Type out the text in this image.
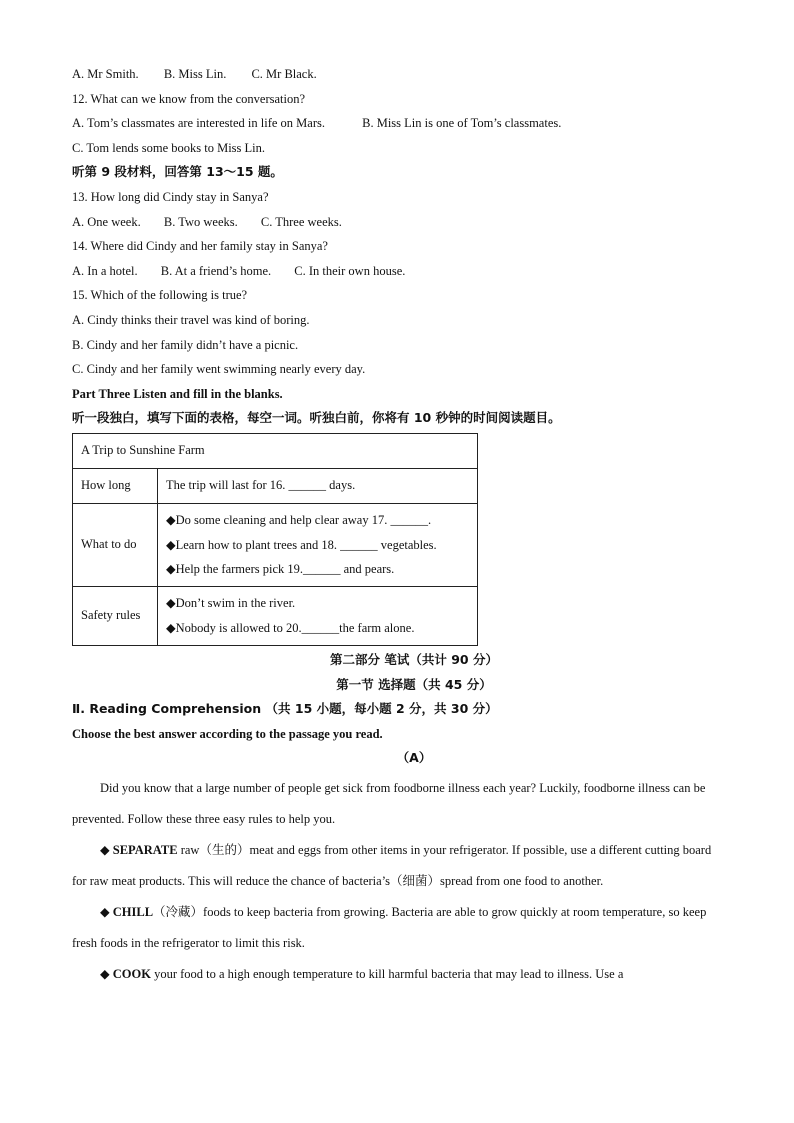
A. Mr Smith. B. Miss Lin. C. Mr Black.
12. What can we know from the conversation?
A. Tom’s classmates are interested in life on Mars.	B. Miss Lin is one of Tom’s classmates.
C. Tom lends some books to Miss Lin.
听第 9 段材料，回答第 13～15 题。
13. How long did Cindy stay in Sanya?
A. One week. B. Two weeks. C. Three weeks.
14. Where did Cindy and her family stay in Sanya?
A. In a hotel. B. At a friend’s home. C. In their own house.
15. Which of the following is true?
A. Cindy thinks their travel was kind of boring.
B. Cindy and her family didn’t have a picnic.
C. Cindy and her family went swimming nearly every day.
Part Three Listen and fill in the blanks.
听一段独白，填写下面的表格，每空一词。听独白前，你将有 10 秒钟的时间阅读题目。
A Trip to Sunshine Farm	
How long	The trip will last for 16. ______ days.
What to do	◆Do some cleaning and help clear away 17. ______.
◆Learn how to plant trees and 18. ______ vegetables.
◆Help the farmers pick 19.______ and pears.

Safety rules	◆Don’t swim in the river.
◆Nobody is allowed to 20.______the farm alone.
第二部分 笔试（共计 90 分）
第一节 选择题（共 45 分）
Ⅱ. Reading Comprehension （共 15 小题，每小题 2 分，共 30 分）
Choose the best answer according to the passage you read.
（A）
Did you know that a large number of people get sick from foodborne illness each year? Luckily, foodborne illness can be prevented. Follow these three easy rules to help you.
◆ SEPARATE raw（生的）meat and eggs from other items in your refrigerator. If possible, use a different cutting board for raw meat products. This will reduce the chance of bacteria’s（细菌）spread from one food to another.
◆ CHILL（冷藏）foods to keep bacteria from growing. Bacteria are able to grow quickly at room temperature, so keep fresh foods in the refrigerator to limit this risk.
◆ COOK your food to a high enough temperature to kill harmful bacteria that may lead to illness. Use a
